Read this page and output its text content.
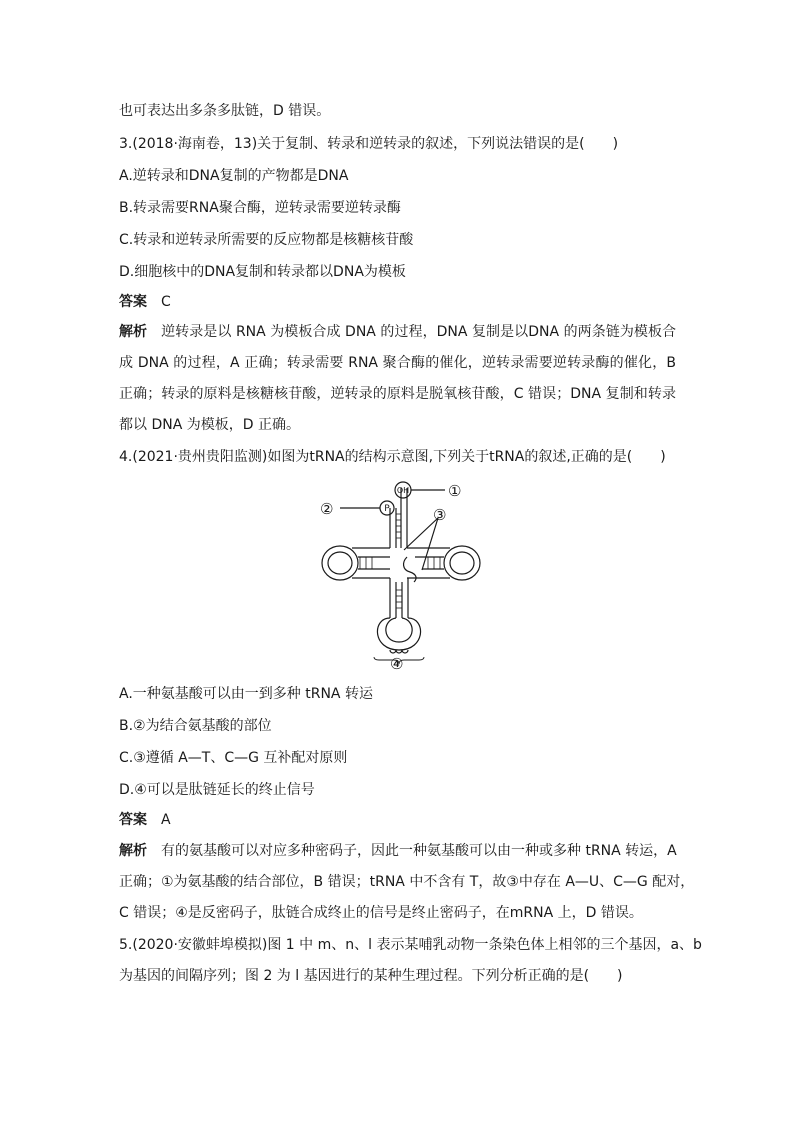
也可表达出多条多肽链，D 错误。
3.(2018·海南卷，13)关于复制、转录和逆转录的叙述，下列说法错误的是(　　)
A.逆转录和DNA复制的产物都是DNA
B.转录需要RNA聚合酶，逆转录需要逆转录酶
C.转录和逆转录所需要的反应物都是核糖核苷酸
D.细胞核中的DNA复制和转录都以DNA为模板
答案 C
解析 逆转录是以 RNA 为模板合成 DNA 的过程，DNA 复制是以DNA 的两条链为模板合
成 DNA 的过程，A 正确；转录需要 RNA 聚合酶的催化，逆转录需要逆转录酶的催化，B
正确；转录的原料是核糖核苷酸，逆转录的原料是脱氧核苷酸，C 错误；DNA 复制和转录
都以 DNA 为模板，D 正确。
4.(2021·贵州贵阳监测)如图为tRNA的结构示意图,下列关于tRNA的叙述,正确的是(　　)
OH
P
①
②	③
④
A.一种氨基酸可以由一到多种 tRNA 转运
B.②为结合氨基酸的部位
C.③遵循 A—T、C—G 互补配对原则
D.④可以是肽链延长的终止信号
答案 A
解析 有的氨基酸可以对应多种密码子，因此一种氨基酸可以由一种或多种 tRNA 转运，A
正确；①为氨基酸的结合部位，B 错误；tRNA 中不含有 T，故③中存在 A—U、C—G 配对，
C 错误；④是反密码子，肽链合成终止的信号是终止密码子，在mRNA 上，D 错误。
5.(2020·安徽蚌埠模拟)图 1 中 m、n、l 表示某哺乳动物一条染色体上相邻的三个基因，a、b
为基因的间隔序列；图 2 为 l 基因进行的某种生理过程。下列分析正确的是(　　)
